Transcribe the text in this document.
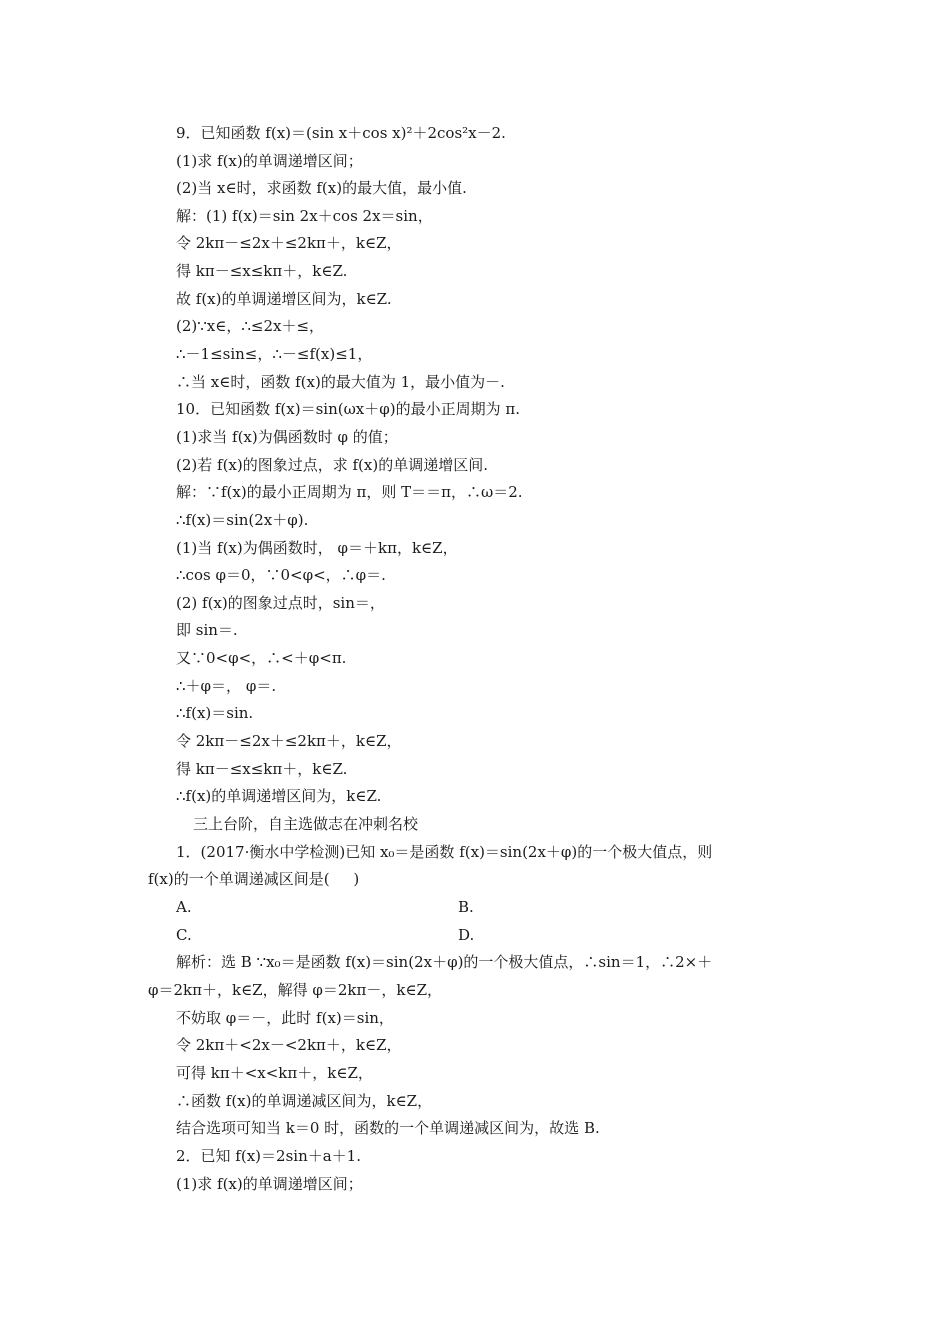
9．已知函数 f(x)＝(sin x＋cos x)²＋2cos²x－2.
(1)求 f(x)的单调递增区间；
(2)当 x∈时，求函数 f(x)的最大值，最小值.
解：(1) f(x)＝sin 2x＋cos 2x＝sin，
令 2kπ－≤2x＋≤2kπ＋，k∈Z，
得 kπ－≤x≤kπ＋，k∈Z.
故 f(x)的单调递增区间为，k∈Z.
(2)∵x∈，∴≤2x＋≤，
∴－1≤sin≤，∴－≤f(x)≤1，
∴当 x∈时，函数 f(x)的最大值为 1，最小值为－.
10．已知函数 f(x)＝sin(ωx＋φ)的最小正周期为 π.
(1)求当 f(x)为偶函数时 φ 的值；
(2)若 f(x)的图象过点，求 f(x)的单调递增区间.
解：∵f(x)的最小正周期为 π，则 T＝＝π，∴ω＝2.
∴f(x)＝sin(2x＋φ).
(1)当 f(x)为偶函数时， φ＝＋kπ，k∈Z，
∴cos φ＝0，∵0<φ<，∴φ＝.
(2) f(x)的图象过点时，sin＝，
即 sin＝.
又∵0<φ<，∴<＋φ<π.
∴＋φ＝， φ＝.
∴f(x)＝sin.
令 2kπ－≤2x＋≤2kπ＋，k∈Z，
得 kπ－≤x≤kπ＋，k∈Z.
∴f(x)的单调递增区间为，k∈Z.
三上台阶，自主选做志在冲刺名校
1．(2017·衡水中学检测)已知 x₀＝是函数 f(x)＝sin(2x＋φ)的一个极大值点，则
f(x)的一个单调递减区间是(     )
A.	B.
C.	D.
解析：选 B ∵x₀＝是函数 f(x)＝sin(2x＋φ)的一个极大值点，∴sin＝1，∴2×＋
φ＝2kπ＋，k∈Z，解得 φ＝2kπ－，k∈Z，
不妨取 φ＝－，此时 f(x)＝sin，
令 2kπ＋<2x－<2kπ＋，k∈Z，
可得 kπ＋<x<kπ＋，k∈Z，
∴函数 f(x)的单调递减区间为，k∈Z，
结合选项可知当 k＝0 时，函数的一个单调递减区间为，故选 B.
2．已知 f(x)＝2sin＋a＋1.
(1)求 f(x)的单调递增区间；
